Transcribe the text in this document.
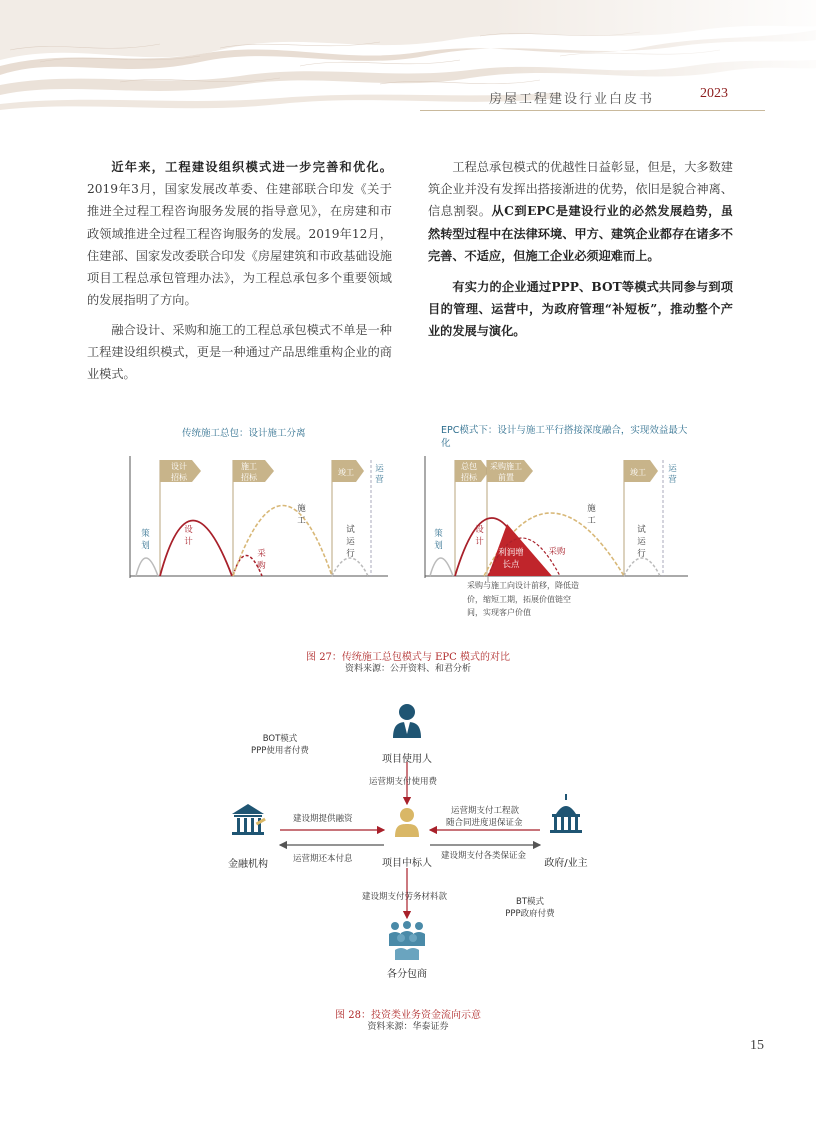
房屋工程建设行业白皮书	2023

近年来，工程建设组织模式进一步完善和优化。2019年3月，国家发展改革委、住建部联合印发《关于推进全过程工程咨询服务发展的指导意见》，在房建和市政领域推进全过程工程咨询服务的发展。2019年12月，住建部、国家发改委联合印发《房屋建筑和市政基础设施项目工程总承包管理办法》，为工程总承包多个重要领域的发展指明了方向。

融合设计、采购和施工的工程总承包模式不单是一种工程建设组织模式，更是一种通过产品思维重构企业的商业模式。

工程总承包模式的优越性日益彰显，但是，大多数建筑企业并没有发挥出搭接渐进的优势，依旧是貌合神离、信息割裂。从C到EPC是建设行业的必然发展趋势，虽然转型过程中在法律环境、甲方、建筑企业都存在诸多不完善、不适应，但施工企业必须迎难而上。

有实力的企业通过PPP、BOT等模式共同参与到项目的管理、运营中，为政府管理“补短板”，推动整个产业的发展与演化。

传统施工总包：设计施工分离	EPC模式下：设计与施工平行搭接深度融合，实现效益最大化
设计招标
施工招标
竣工 运营
策划
设计
采购
施工
试运行
总包招标
采购施工前置
竣工	运营
策划
设计
采购
施工
试运行
利润增长点
采购与施工向设计前移，降低造价，缩短工期，拓展价值链空间，实现客户价值
图 27：传统施工总包模式与 EPC 模式的对比
资料来源：公开资料、和君分析
项目使用人
项目中标人
金融机构	政府/业主
各分包商
BOT模式
PPP使用者付费
BT模式
PPP政府付费
运营期支付使用费
建设期提供融资
运营期还本付息
运营期支付工程款
随合同进度退保证金
建设期支付各类保证金
建设期支付劳务材料款
图 28：投资类业务资金流向示意
资料来源：华泰证券
15
